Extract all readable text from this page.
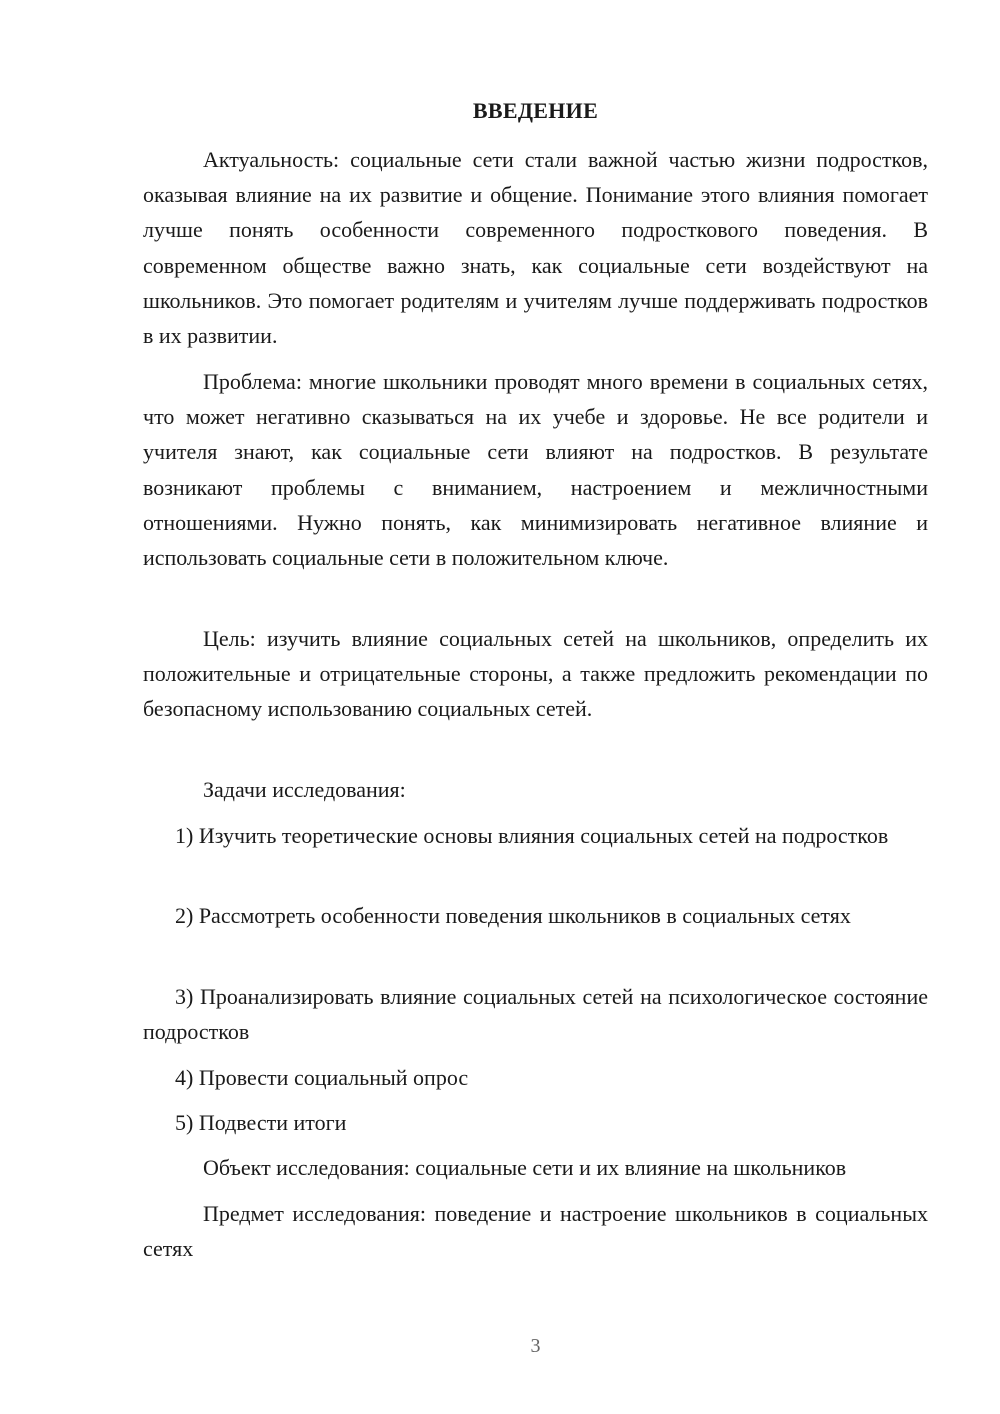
ВВЕДЕНИЕ

Актуальность: социальные сети стали важной частью жизни подростков, оказывая влияние на их развитие и общение. Понимание этого влияния помогает лучше понять особенности современного подросткового поведения. В современном обществе важно знать, как социальные сети воздействуют на школьников. Это помогает родителям и учителям лучше поддерживать подростков в их развитии.

Проблема: многие школьники проводят много времени в социальных сетях, что может негативно сказываться на их учебе и здоровье. Не все родители и учителя знают, как социальные сети влияют на подростков. В результате возникают проблемы с вниманием, настроением и межличностными отношениями. Нужно понять, как минимизировать негативное влияние и использовать социальные сети в положительном ключе.

Цель: изучить влияние социальных сетей на школьников, определить их положительные и отрицательные стороны, а также предложить рекомендации по безопасному использованию социальных сетей.

Задачи исследования:

1) Изучить теоретические основы влияния социальных сетей на подростков

2) Рассмотреть особенности поведения школьников в социальных сетях

3) Проанализировать влияние социальных сетей на психологическое состояние подростков

4) Провести социальный опрос

5) Подвести итоги

Объект исследования: социальные сети и их влияние на школьников

Предмет исследования: поведение и настроение школьников в социальных сетях

3
